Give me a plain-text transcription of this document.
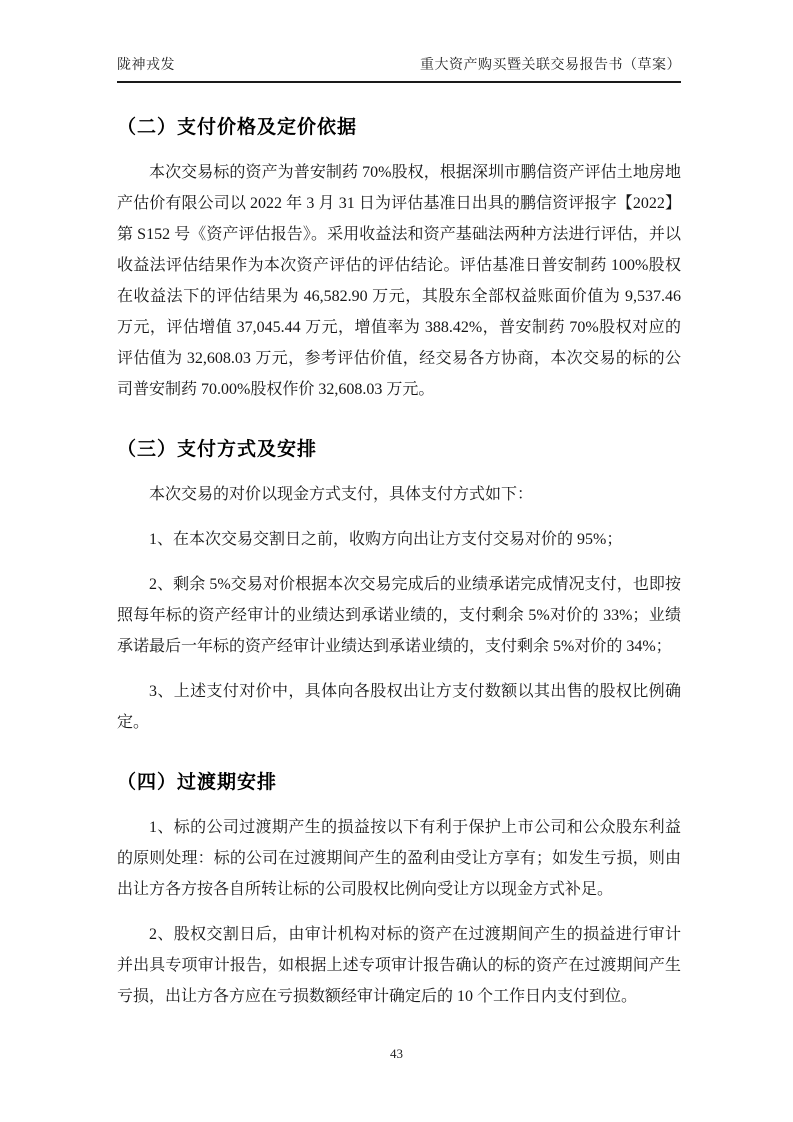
陇神戎发	重大资产购买暨关联交易报告书（草案）
（二）支付价格及定价依据

本次交易标的资产为普安制药 70%股权，根据深圳市鹏信资产评估土地房地产估价有限公司以 2022 年 3 月 31 日为评估基准日出具的鹏信资评报字【2022】第 S152 号《资产评估报告》。采用收益法和资产基础法两种方法进行评估，并以收益法评估结果作为本次资产评估的评估结论。评估基准日普安制药 100%股权在收益法下的评估结果为 46,582.90 万元，其股东全部权益账面价值为 9,537.46 万元，评估增值 37,045.44 万元，增值率为 388.42%，普安制药 70%股权对应的评估值为 32,608.03 万元，参考评估价值，经交易各方协商，本次交易的标的公司普安制药 70.00%股权作价 32,608.03 万元。

（三）支付方式及安排

本次交易的对价以现金方式支付，具体支付方式如下：

1、在本次交易交割日之前，收购方向出让方支付交易对价的 95%；

2、剩余 5%交易对价根据本次交易完成后的业绩承诺完成情况支付，也即按照每年标的资产经审计的业绩达到承诺业绩的，支付剩余 5%对价的 33%；业绩承诺最后一年标的资产经审计业绩达到承诺业绩的，支付剩余 5%对价的 34%；

3、上述支付对价中，具体向各股权出让方支付数额以其出售的股权比例确定。

（四）过渡期安排

1、标的公司过渡期产生的损益按以下有利于保护上市公司和公众股东利益的原则处理：标的公司在过渡期间产生的盈利由受让方享有；如发生亏损，则由出让方各方按各自所转让标的公司股权比例向受让方以现金方式补足。

2、股权交割日后，由审计机构对标的资产在过渡期间产生的损益进行审计并出具专项审计报告，如根据上述专项审计报告确认的标的资产在过渡期间产生亏损，出让方各方应在亏损数额经审计确定后的 10 个工作日内支付到位。

43
